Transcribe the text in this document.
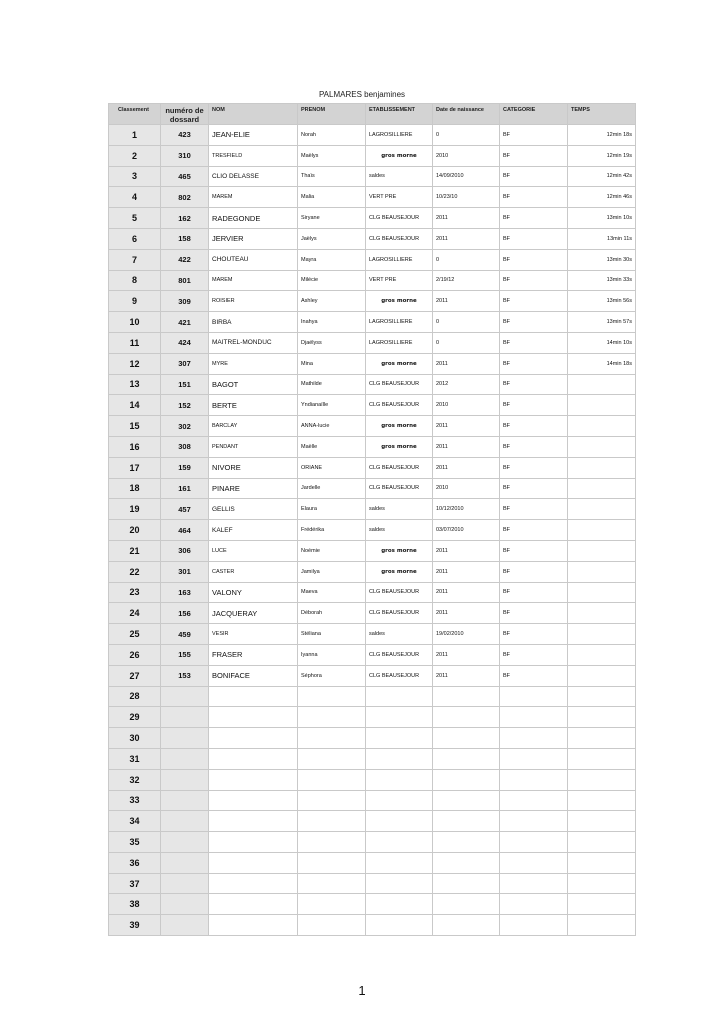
PALMARES benjamines
Classement	numéro de dossard	NOM	PRENOM	ETABLISSEMENT	Date de naissance	CATEGORIE	TEMPS
1	423	JEAN-ELIE	Norah	LAGROSILLIERE	0	BF	12min 18s
2	310	TRESFIELD	Maëlys	gros morne	2010	BF	12min 19s
3	465	CLIO DELASSE	Thaïs	saldes	14/09/2010	BF	12min 42s
4	802	MAREM	Malia	VERT PRE	10/23/10	BF	12min 46s
5	162	RADEGONDE	Siryane	CLG BEAUSEJOUR	2011	BF	13min 10s
6	158	JERVIER	Jaëlys	CLG BEAUSEJOUR	2011	BF	13min 11s
7	422	CHOUTEAU	Mayra	LAGROSILLIERE	0	BF	13min 30s
8	801	MAREM	Milécie	VERT PRE	2/19/12	BF	13min 33s
9	309	ROISIER	Ashley	gros morne	2011	BF	13min 56s
10	421	BIRBA	Inahya	LAGROSILLIERE	0	BF	13min 57s
11	424	MAITREL-MONDUC	Djaëlyss	LAGROSILLIERE	0	BF	14min 10s
12	307	MYRE	Mina	gros morne	2011	BF	14min 18s
13	151	BAGOT	Mathilde	CLG BEAUSEJOUR	2012	BF	
14	152	BERTE	Yndianaïlle	CLG BEAUSEJOUR	2010	BF	
15	302	BARCLAY	ANNA-lucie	gros morne	2011	BF	
16	308	PENDANT	Maëlle	gros morne	2011	BF	
17	159	NIVORE	ORIANE	CLG BEAUSEJOUR	2011	BF	
18	161	PINARE	Jardelle	CLG BEAUSEJOUR	2010	BF	
19	457	GELLIS	Elaura	saldes	10/12/2010	BF	
20	464	KALEF	Frédérika	saldes	03/07/2010	BF	
21	306	LUCE	Noémie	gros morne	2011	BF	
22	301	CASTER	Jamilya	gros morne	2011	BF	
23	163	VALONY	Maeva	CLG BEAUSEJOUR	2011	BF	
24	156	JACQUERAY	Déborah	CLG BEAUSEJOUR	2011	BF	
25	459	VESIR	Stéliana	saldes	19/02/2010	BF	
26	155	FRASER	Iyanna	CLG BEAUSEJOUR	2011	BF	
27	153	BONIFACE	Séphora	CLG BEAUSEJOUR	2011	BF	
28							
29							
30							
31							
32							
33							
34							
35							
36							
37							
38							
39							
1
